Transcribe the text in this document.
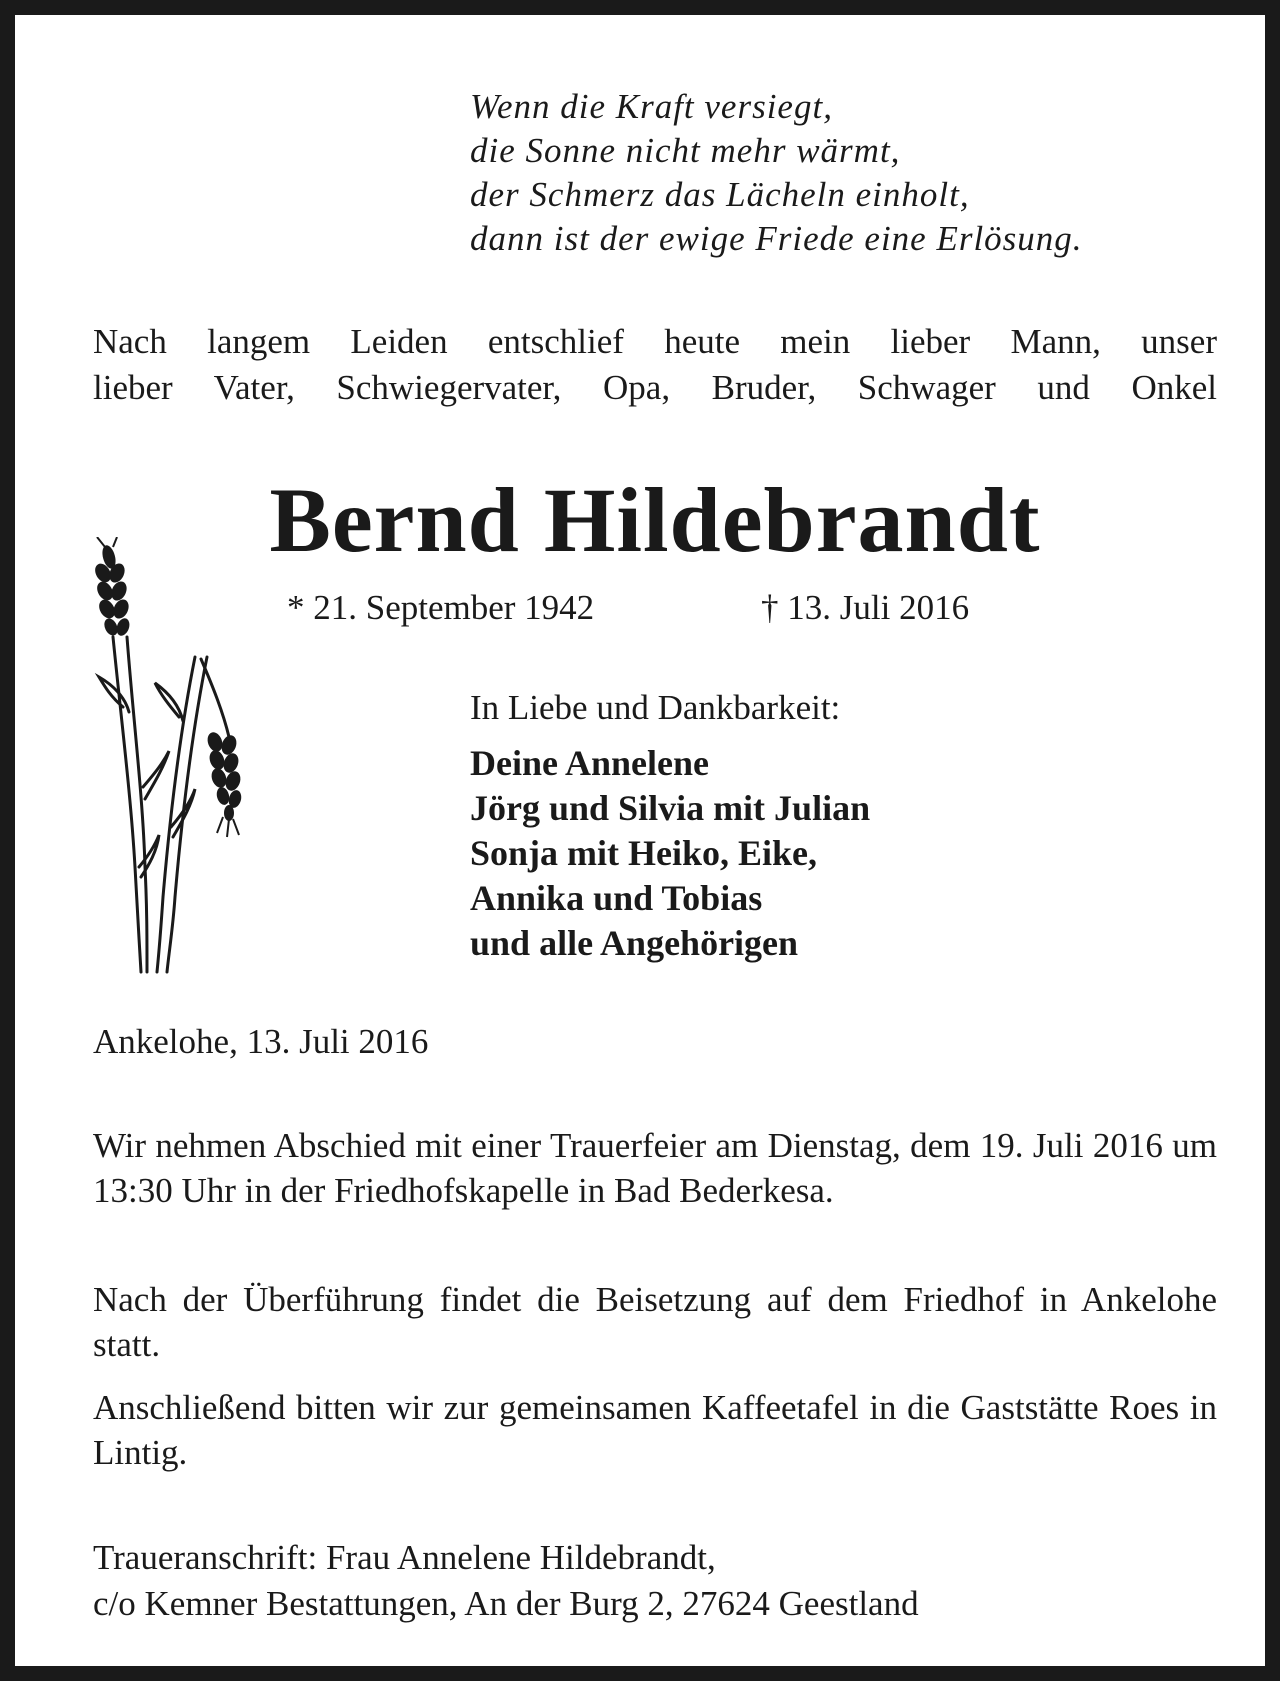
Wenn die Kraft versiegt,
die Sonne nicht mehr wärmt,
der Schmerz das Lächeln einholt,
dann ist der ewige Friede eine Erlösung.
Nach langem Leiden entschlief heute mein lieber Mann, unser
lieber Vater, Schwiegervater, Opa, Bruder, Schwager und Onkel
Bernd Hildebrandt
* 21. September 1942	† 13. Juli 2016
In Liebe und Dankbarkeit:
Deine Annelene
Jörg und Silvia mit Julian
Sonja mit Heiko, Eike,
Annika und Tobias
und alle Angehörigen
Ankelohe, 13. Juli 2016
Wir nehmen Abschied mit einer Trauerfeier am Dienstag, dem 19. Juli 2016 um 13:30 Uhr in der Friedhofskapelle in Bad Bederkesa.
Nach der Überführung findet die Beisetzung auf dem Friedhof in Ankelohe statt.
Anschließend bitten wir zur gemeinsamen Kaffeetafel in die Gaststätte Roes in Lintig.
Traueranschrift: Frau Annelene Hildebrandt,
c/o Kemner Bestattungen, An der Burg 2, 27624 Geestland
